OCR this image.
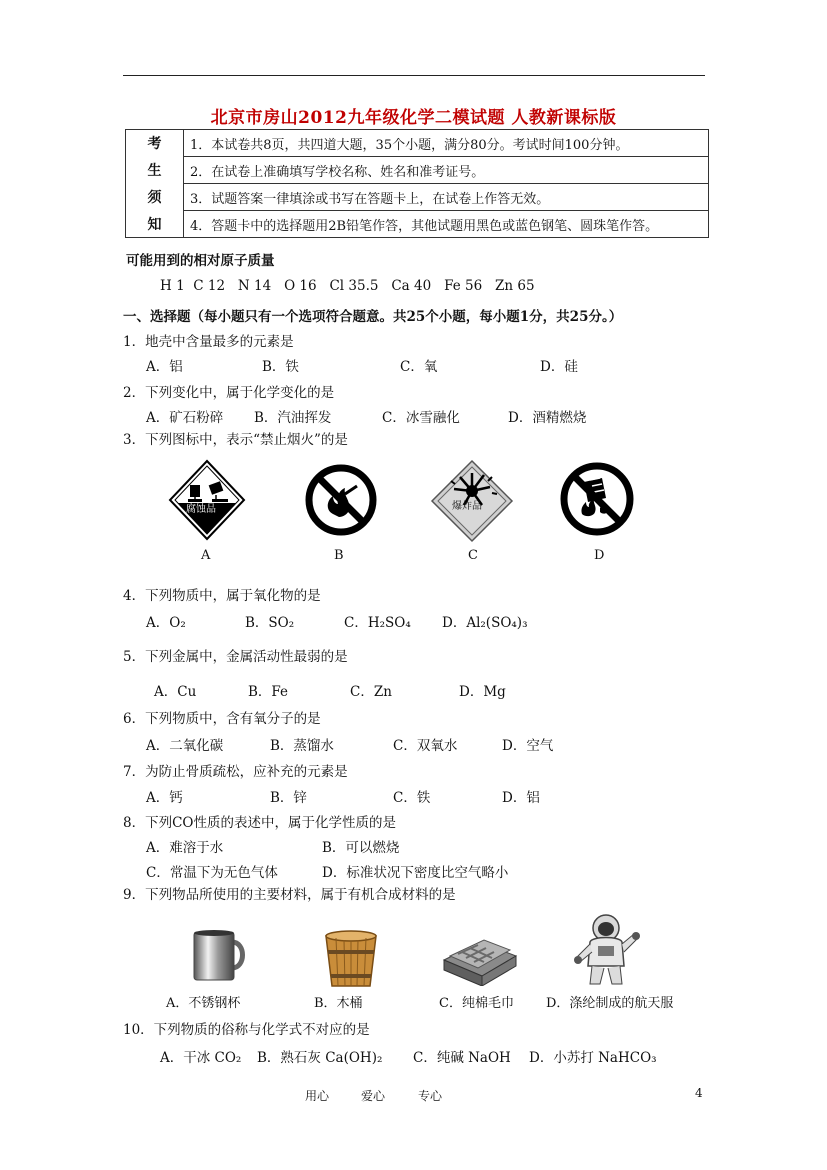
北京市房山2012九年级化学二模试题 人教新课标版
考	1．本试卷共8页，共四道大题，35个小题，满分80分。考试时间100分钟。
生	2．在试卷上准确填写学校名称、姓名和准考证号。
须	3．试题答案一律填涂或书写在答题卡上，在试卷上作答无效。
知	4．答题卡中的选择题用2B铅笔作答，其他试题用黑色或蓝色钢笔、圆珠笔作答。
可能用到的相对原子质量
H 1  C 12   N 14   O 16   Cl 35.5   Ca 40   Fe 56   Zn 65
一、选择题（每小题只有一个选项符合题意。共25个小题，每小题1分，共25分。）
1．地壳中含量最多的元素是
A．铝	B．铁	C．氧	D．硅
2．下列变化中，属于化学变化的是
A．矿石粉碎 B．汽油挥发	C．冰雪融化	D．酒精燃烧
3．下列图标中，表示“禁止烟火”的是
腐蚀品	爆炸品
A	B	C	D
4．下列物质中，属于氧化物的是
A．O₂	B．SO₂	C．H₂SO₄ D．Al₂(SO₄)₃
5．下列金属中，金属活动性最弱的是
A．Cu	B．Fe	C．Zn	D．Mg
6．下列物质中，含有氧分子的是
A．二氧化碳	B．蒸馏水	C．双氧水	D．空气
7．为防止骨质疏松，应补充的元素是
A．钙	B．锌	C．铁	D．铝
8．下列CO性质的表述中，属于化学性质的是
A．难溶于水	B．可以燃烧
C．常温下为无色气体	D．标准状况下密度比空气略小
9．下列物品所使用的主要材料，属于有机合成材料的是
A．不锈钢杯	B．木桶	C．纯棉毛巾 D．涤纶制成的航天服
10．下列物质的俗称与化学式不对应的是
A．干冰 CO₂ B．熟石灰 Ca(OH)₂ C．纯碱 NaOH D．小苏打 NaHCO₃
用心	爱心	专心	4
